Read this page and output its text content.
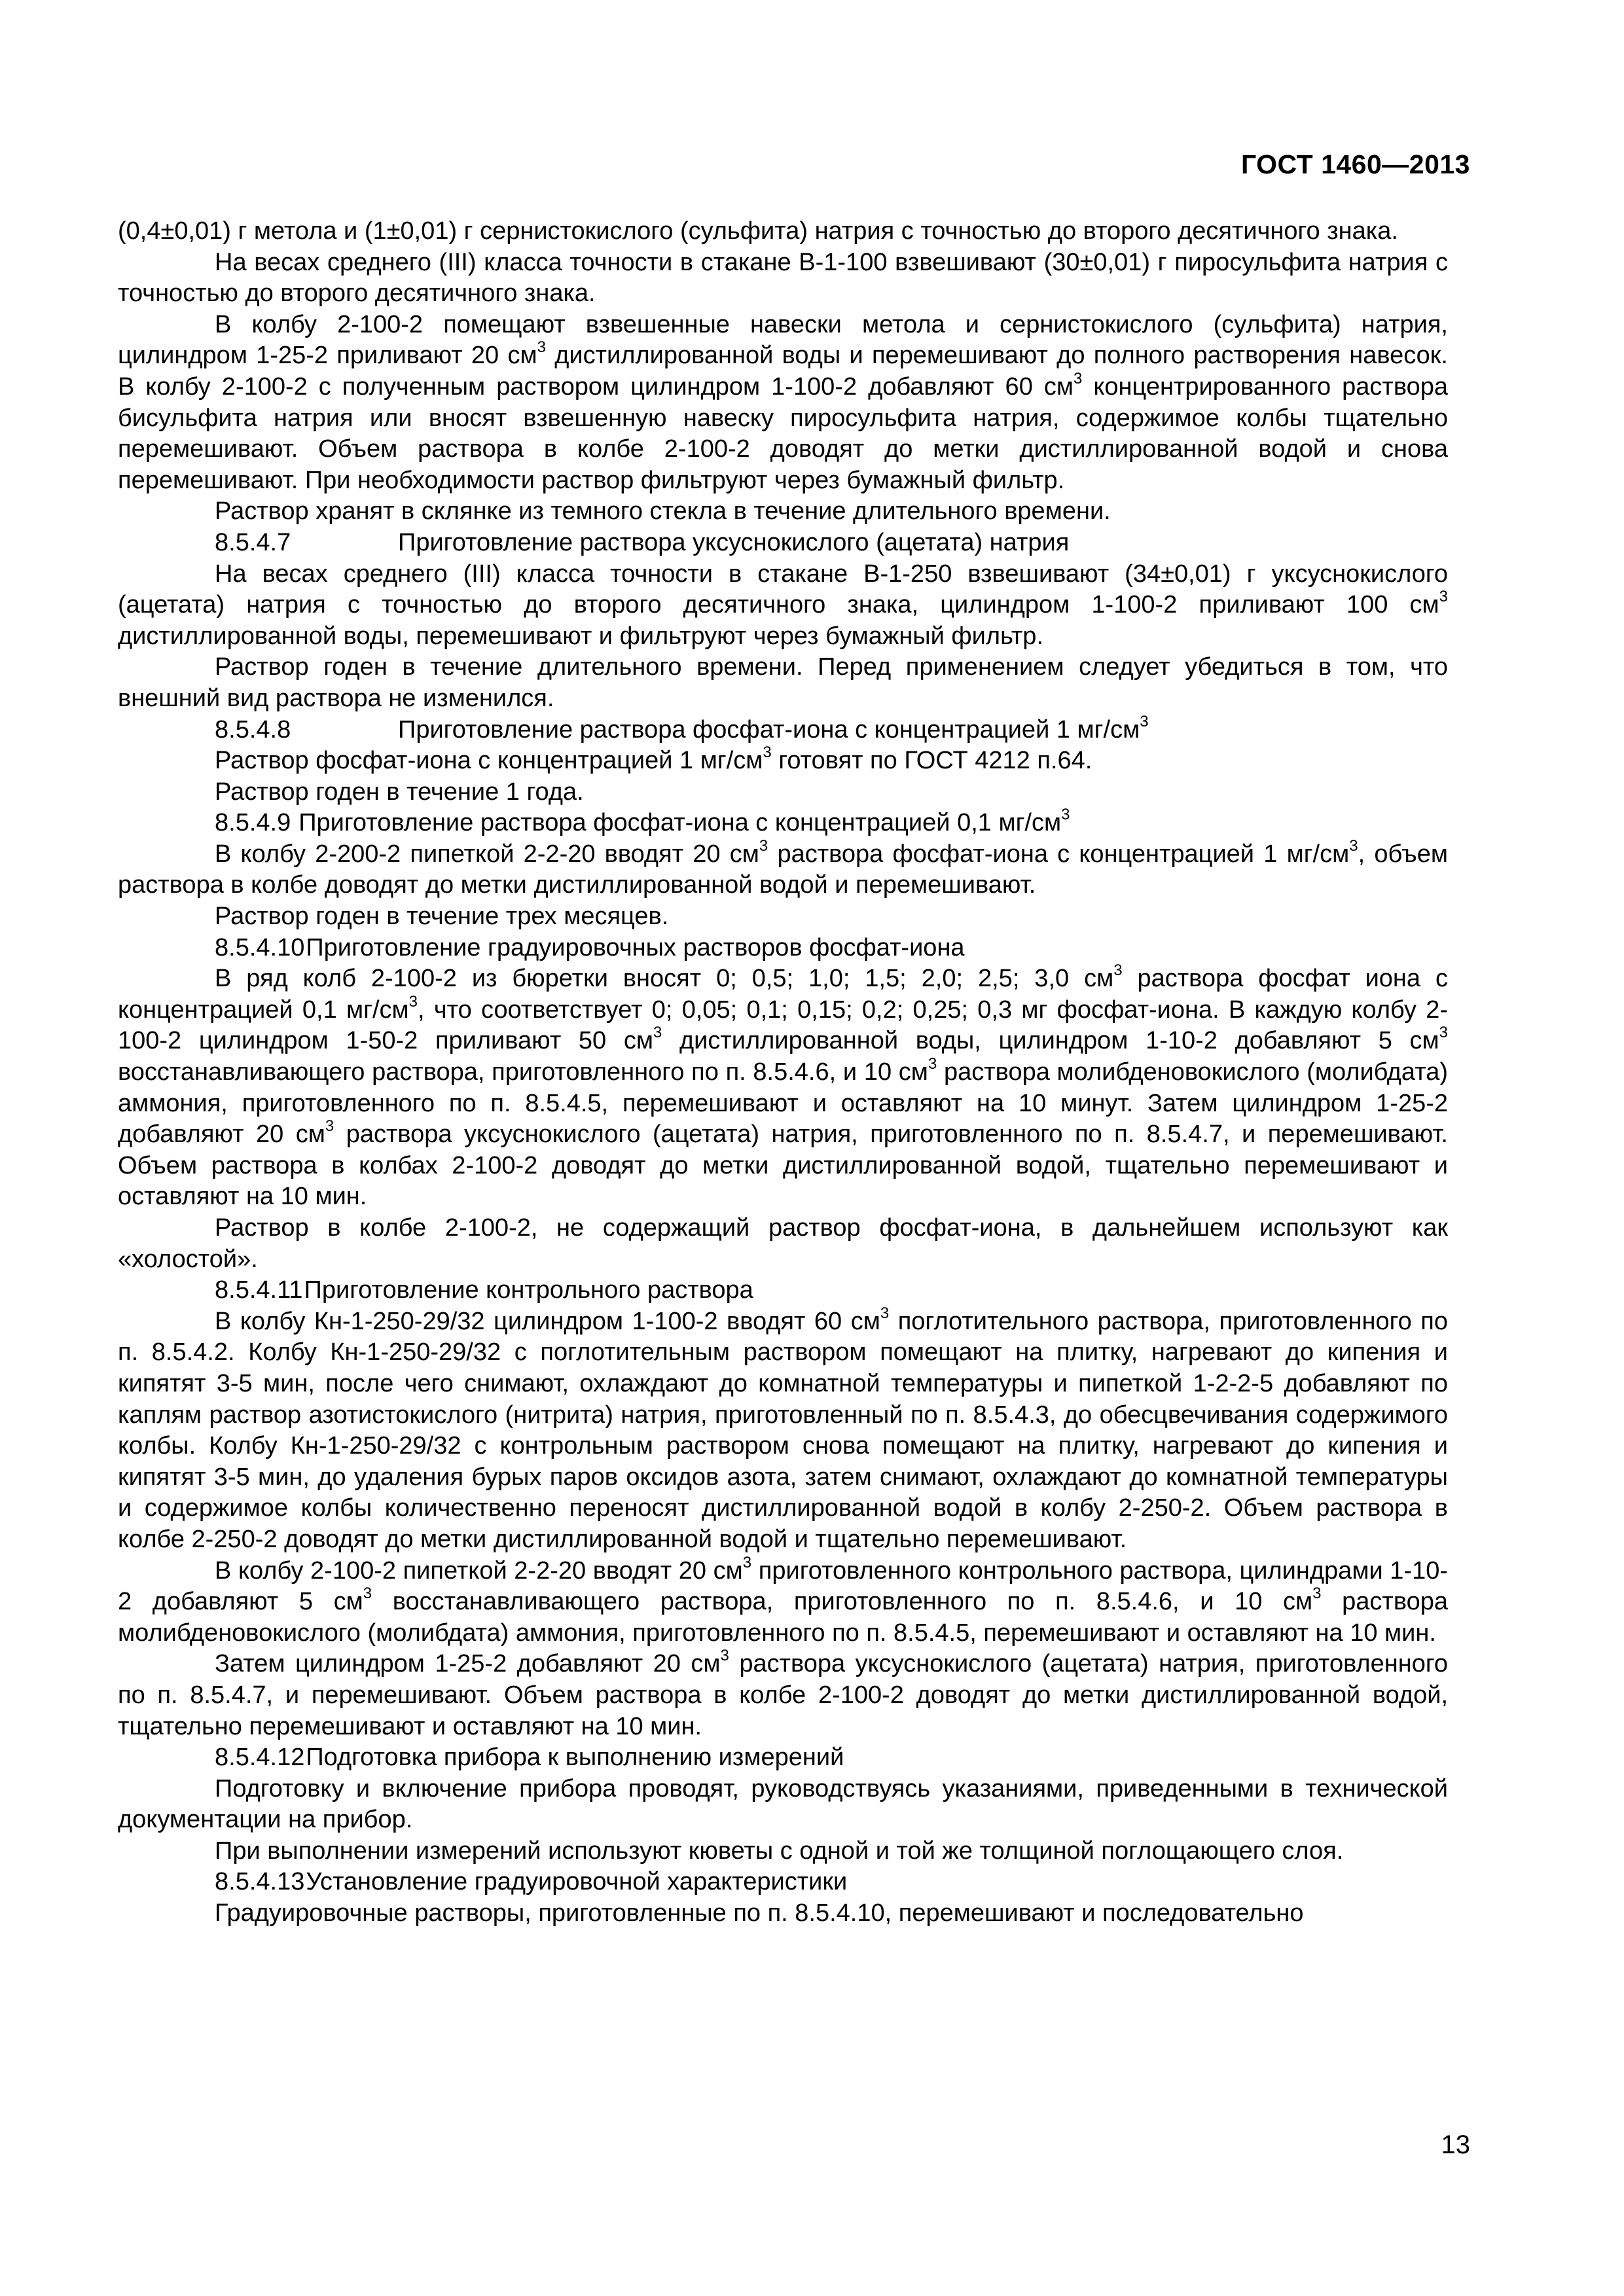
ГОСТ 1460—2013

(0,4±0,01) г метола и (1±0,01) г сернистокислого (сульфита) натрия с точностью до второго десятичного знака.

На весах среднего (III) класса точности в стакане В-1-100 взвешивают (30±0,01) г пиросульфита натрия с точностью до второго десятичного знака.

В колбу 2-100-2 помещают взвешенные навески метола и сернистокислого (сульфита) натрия, цилиндром 1-25-2 приливают 20 $см^3$ дистиллированной воды и перемешивают до полного растворения навесок. В колбу 2-100-2 с полученным раствором цилиндром 1-100-2 добавляют 60 $см^3$ концентрированного раствора бисульфита натрия или вносят взвешенную навеску пиросульфита натрия, содержимое колбы тщательно перемешивают. Объем раствора в колбе 2-100-2 доводят до метки дистиллированной водой и снова перемешивают. При необходимости раствор фильтруют через бумажный фильтр.

Раствор хранят в склянке из темного стекла в течение длительного времени.

8.5.4.7	Приготовление раствора уксуснокислого (ацетата) натрия

На весах среднего (III) класса точности в стакане В-1-250 взвешивают (34±0,01) г уксуснокислого (ацетата) натрия с точностью до второго десятичного знака, цилиндром 1-100-2 приливают 100 $см^3$ дистиллированной воды, перемешивают и фильтруют через бумажный фильтр.

Раствор годен в течение длительного времени. Перед применением следует убедиться в том, что внешний вид раствора не изменился.

8.5.4.8	Приготовление раствора фосфат-иона с концентрацией 1 $мг/см^3$

Раствор фосфат-иона с концентрацией 1 $мг/см^3$ готовят по ГОСТ 4212 п.64.

Раствор годен в течение 1 года.

8.5.4.9 Приготовление раствора фосфат-иона с концентрацией 0,1 $мг/см^3$

В колбу 2-200-2 пипеткой 2-2-20 вводят 20 $см^3$ раствора фосфат-иона с концентрацией 1 $мг/см^3$, объем раствора в колбе доводят до метки дистиллированной водой и перемешивают.

Раствор годен в течение трех месяцев.

8.5.4.10Приготовление градуировочных растворов фосфат-иона

В ряд колб 2-100-2 из бюретки вносят 0; 0,5; 1,0; 1,5; 2,0; 2,5; 3,0 $см^3$ раствора фосфат иона с концентрацией 0,1 $мг/см^3$, что соответствует 0; 0,05; 0,1; 0,15; 0,2; 0,25; 0,3 мг фосфат-иона. В каждую колбу 2-100-2 цилиндром 1-50-2 приливают 50 $см^3$ дистиллированной воды, цилиндром 1-10-2 добавляют 5 $см^3$ восстанавливающего раствора, приготовленного по п. 8.5.4.6, и 10 $см^3$ раствора молибденовокислого (молибдата) аммония, приготовленного по п. 8.5.4.5, перемешивают и оставляют на 10 минут. Затем цилиндром 1-25-2 добавляют 20 $см^3$ раствора уксуснокислого (ацетата) натрия, приготовленного по п. 8.5.4.7, и перемешивают. Объем раствора в колбах 2-100-2 доводят до метки дистиллированной водой, тщательно перемешивают и оставляют на 10 мин.

Раствор в колбе 2-100-2, не содержащий раствор фосфат-иона, в дальнейшем используют как «холостой».

8.5.4.11Приготовление контрольного раствора

В колбу Кн-1-250-29/32 цилиндром 1-100-2 вводят 60 $см^3$ поглотительного раствора, приготовленного по п. 8.5.4.2. Колбу Кн-1-250-29/32 с поглотительным раствором помещают на плитку, нагревают до кипения и кипятят 3-5 мин, после чего снимают, охлаждают до комнатной температуры и пипеткой 1-2-2-5 добавляют по каплям раствор азотистокислого (нитрита) натрия, приготовленный по п. 8.5.4.3, до обесцвечивания содержимого колбы. Колбу Кн-1-250-29/32 с контрольным раствором снова помещают на плитку, нагревают до кипения и кипятят 3-5 мин, до удаления бурых паров оксидов азота, затем снимают, охлаждают до комнатной температуры и содержимое колбы количественно переносят дистиллированной водой в колбу 2-250-2. Объем раствора в колбе 2-250-2 доводят до метки дистиллированной водой и тщательно перемешивают.

В колбу 2-100-2 пипеткой 2-2-20 вводят 20 $см^3$ приготовленного контрольного раствора, цилиндрами 1-10-2 добавляют 5 $см^3$ восстанавливающего раствора, приготовленного по п. 8.5.4.6, и 10 $см^3$ раствора молибденовокислого (молибдата) аммония, приготовленного по п. 8.5.4.5, перемешивают и оставляют на 10 мин.

Затем цилиндром 1-25-2 добавляют 20 $см^3$ раствора уксуснокислого (ацетата) натрия, приготовленного по п. 8.5.4.7, и перемешивают. Объем раствора в колбе 2-100-2 доводят до метки дистиллированной водой, тщательно перемешивают и оставляют на 10 мин.

8.5.4.12Подготовка прибора к выполнению измерений

Подготовку и включение прибора проводят, руководствуясь указаниями, приведенными в технической документации на прибор.

При выполнении измерений используют кюветы с одной и той же толщиной поглощающего слоя.

8.5.4.13Установление градуировочной характеристики

Градуировочные растворы, приготовленные по п. 8.5.4.10, перемешивают и последовательно

13
